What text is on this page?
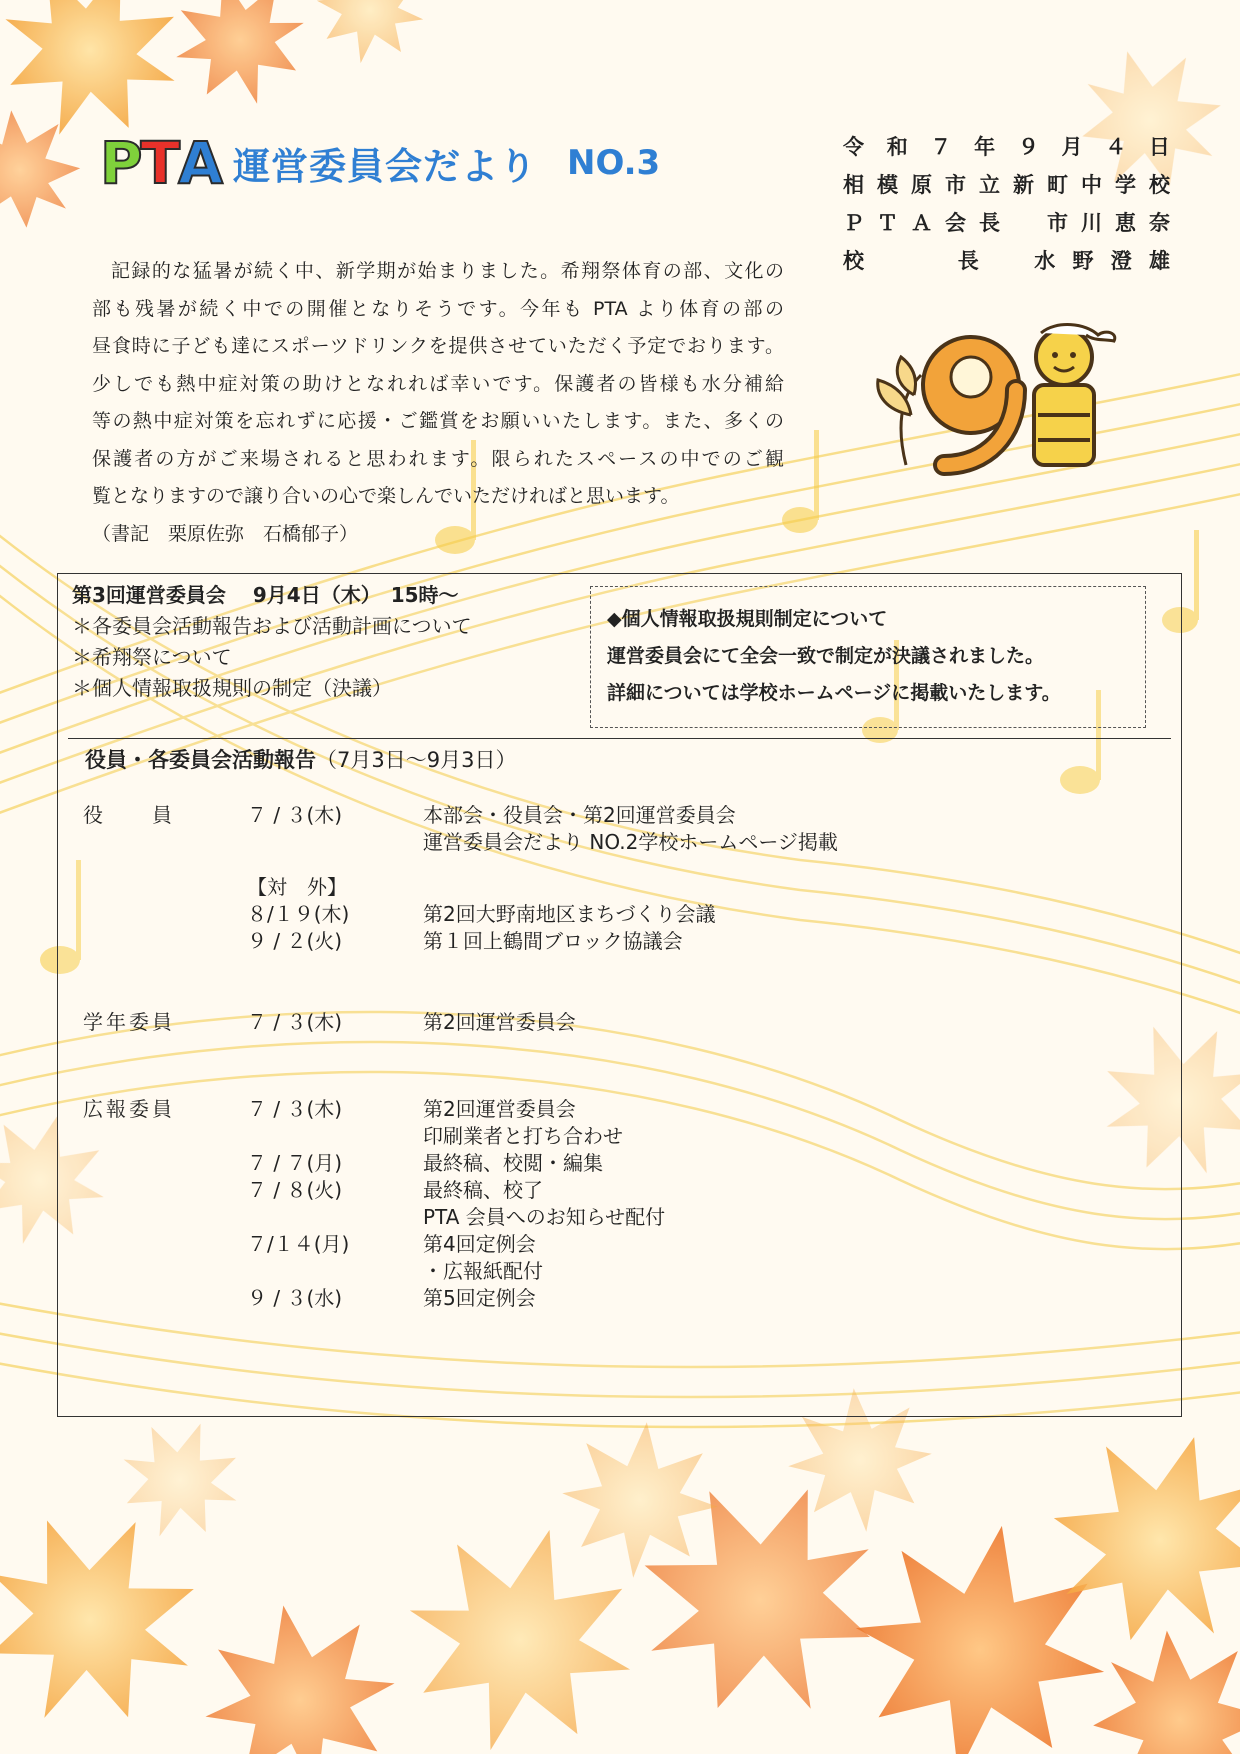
P
T
A 運営委員会だより NO.3	令 和 ７ 年 ９ 月 ４ 日
相 模 原 市 立 新 町 中 学 校
Ｐ Ｔ Ａ 会 長
　 市 川 恵 奈
校

　	長
　	水 野 澄 雄

記録的な猛暑が続く中、新学期が始まりました。希翔祭体育の部、文化の

部も残暑が続く中での開催となりそうです。今年も PTA より体育の部の

昼食時に子ども達にスポーツドリンクを提供させていただく予定でおります。

少しでも熱中症対策の助けとなれれば幸いです。保護者の皆様も水分補給

等の熱中症対策を忘れずに応援・ご鑑賞をお願いいたします。また、多くの

保護者の方がご来場されると思われます。限られたスペースの中でのご観

覧となりますので譲り合いの心で楽しんでいただければと思います。

（書記　栗原佐弥　石橋郁子）

第3回運営委員会　 9月4日（木）　15時～
＊各委員会活動報告および活動計画について
＊希翔祭について
＊個人情報取扱規則の制定（決議）
◆個人情報取扱規則制定について
運営委員会にて全会一致で制定が決議されました。
詳細については学校ホームページに掲載いたします。
役員・各委員会活動報告（7月3日～9月3日）
役　　員	７ / ３(木)	本部会・役員会・第2回運営委員会
運営委員会だより NO.2学校ホームページ掲載
【対　外】
８/１９(木)	第2回大野南地区まちづくり会議
９ / ２(火)	第１回上鶴間ブロック協議会
学年委員	７ / ３(木)	第2回運営委員会
広報委員	７ / ３(木)	第2回運営委員会
印刷業者と打ち合わせ
７ / ７(月)	最終稿、校閲・編集
７ / ８(火)	最終稿、校了
PTA 会員へのお知らせ配付
７/１４(月)	第4回定例会
・広報紙配付
９ / ３(水)	第5回定例会
